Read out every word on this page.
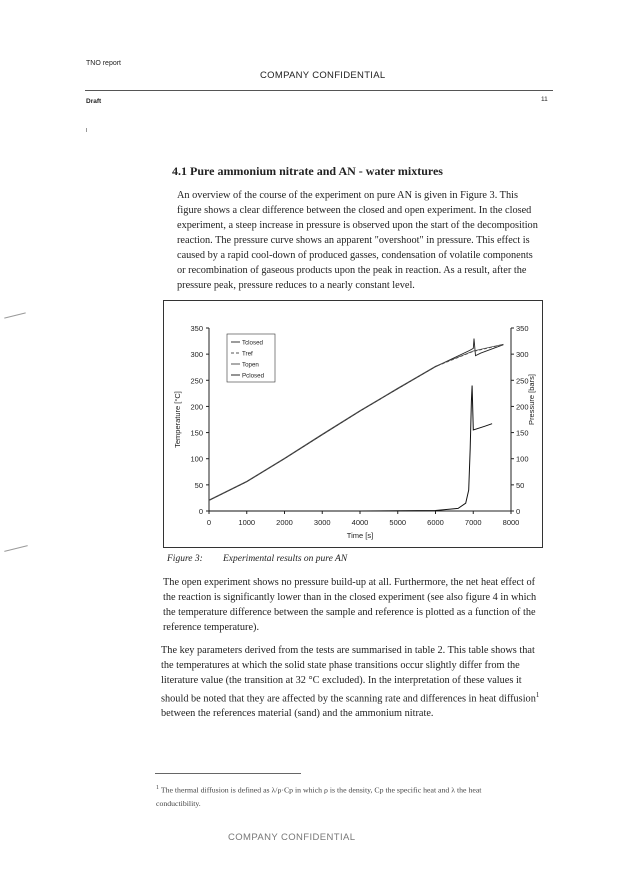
TNO report
COMPANY CONFIDENTIAL
Draft	11
4.1 Pure ammonium nitrate and AN - water mixtures
An overview of the course of the experiment on pure AN is given in Figure 3. This figure shows a clear difference between the closed and open experiment. In the closed experiment, a steep increase in pressure is observed upon the start of the decomposition reaction. The pressure curve shows an apparent "overshoot" in pressure. This effect is caused by a rapid cool-down of produced gasses, condensation of volatile components or recombination of gaseous products upon the peak in reaction. As a result, after the pressure peak, pressure reduces to a nearly constant level.
0
50
100
150
200
250
300
350
0
50
100
150
200
250
300
350
0	1000	2000	3000	4000	5000	6000	7000	8000
Tclosed
Tref
Topen
Pclosed
Time [s]
Temperature [°C]	Pressure [bars]
Figure 3: Experimental results on pure AN
The open experiment shows no pressure build-up at all. Furthermore, the net heat effect of the reaction is significantly lower than in the closed experiment (see also figure 4 in which the temperature difference between the sample and reference is plotted as a function of the reference temperature).
The key parameters derived from the tests are summarised in table 2. This table shows that the temperatures at which the solid state phase transitions occur slightly differ from the literature value (the transition at 32 °C excluded). In the interpretation of these values it should be noted that they are affected by the scanning rate and differences in heat diffusion$^1$ between the references material (sand) and the ammonium nitrate.
$^1$ The thermal diffusion is defined as λ/ρ·Cp in which ρ is the density, Cp the specific heat and λ the heat conductibility.
COMPANY CONFIDENTIAL
